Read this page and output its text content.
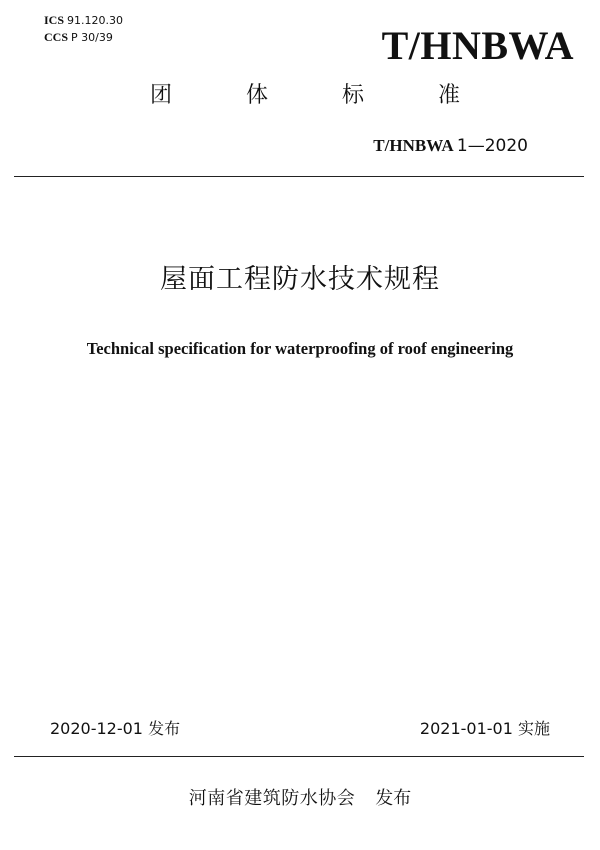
ICS 91.120.30
CCS P 30/39	T/HNBWA
团	体	标	准
T/HNBWA 1—2020
屋面工程防水技术规程
Technical specification for waterproofing of roof engineering
2020-12-01 发布	2021-01-01 实施
河南省建筑防水协会 发布
